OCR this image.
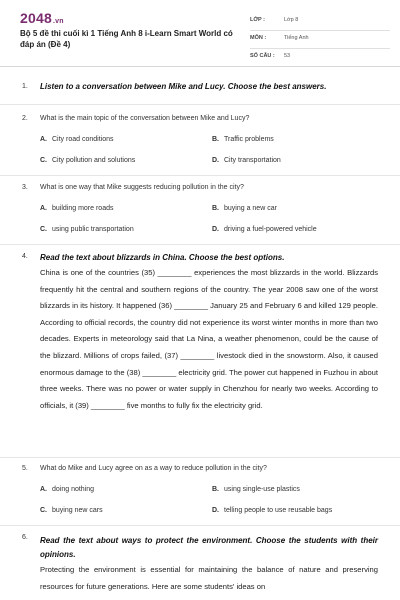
2048.vn
Bộ 5 đề thi cuối kì 1 Tiếng Anh 8 i-Learn Smart World có đáp án (Đề 4)
LỚP :	Lớp 8
MÔN :	Tiếng Anh
SỐ CÂU : 53
1. Listen to a conversation between Mike and Lucy. Choose the best answers.
2. What is the main topic of the conversation between Mike and Lucy?
A. City road conditions	B. Traffic problems
C. City pollution and solutions	D. City transportation
3. What is one way that Mike suggests reducing pollution in the city?
A. building more roads	B. buying a new car
C. using public transportation	D. driving a fuel-powered vehicle
4. Read the text about blizzards in China. Choose the best options.

China is one of the countries (35) ________ experiences the most blizzards in the world. Blizzards frequently hit the central and southern regions of the country. The year 2008 saw one of the worst blizzards in its history. It happened (36) ________ January 25 and February 6 and killed 129 people. According to official records, the country did not experience its worst winter months in more than two decades. Experts in meteorology said that La Nina, a weather phenomenon, could be the cause of the blizzard. Millions of crops failed, (37) ________ livestock died in the snowstorm. Also, it caused enormous damage to the (38) ________ electricity grid. The power cut happened in Fuzhou in about three weeks. There was no power or water supply in Chenzhou for nearly two weeks. According to officials, it (39) ________ five months to fully fix the electricity grid.

5. What do Mike and Lucy agree on as a way to reduce pollution in the city?
A. doing nothing	B. using single-use plastics
C. buying new cars	D. telling people to use reusable bags
6. Read the text about ways to protect the environment. Choose the students with their opinions.

Protecting the environment is essential for maintaining the balance of nature and preserving resources for future generations. Here are some students' ideas on
